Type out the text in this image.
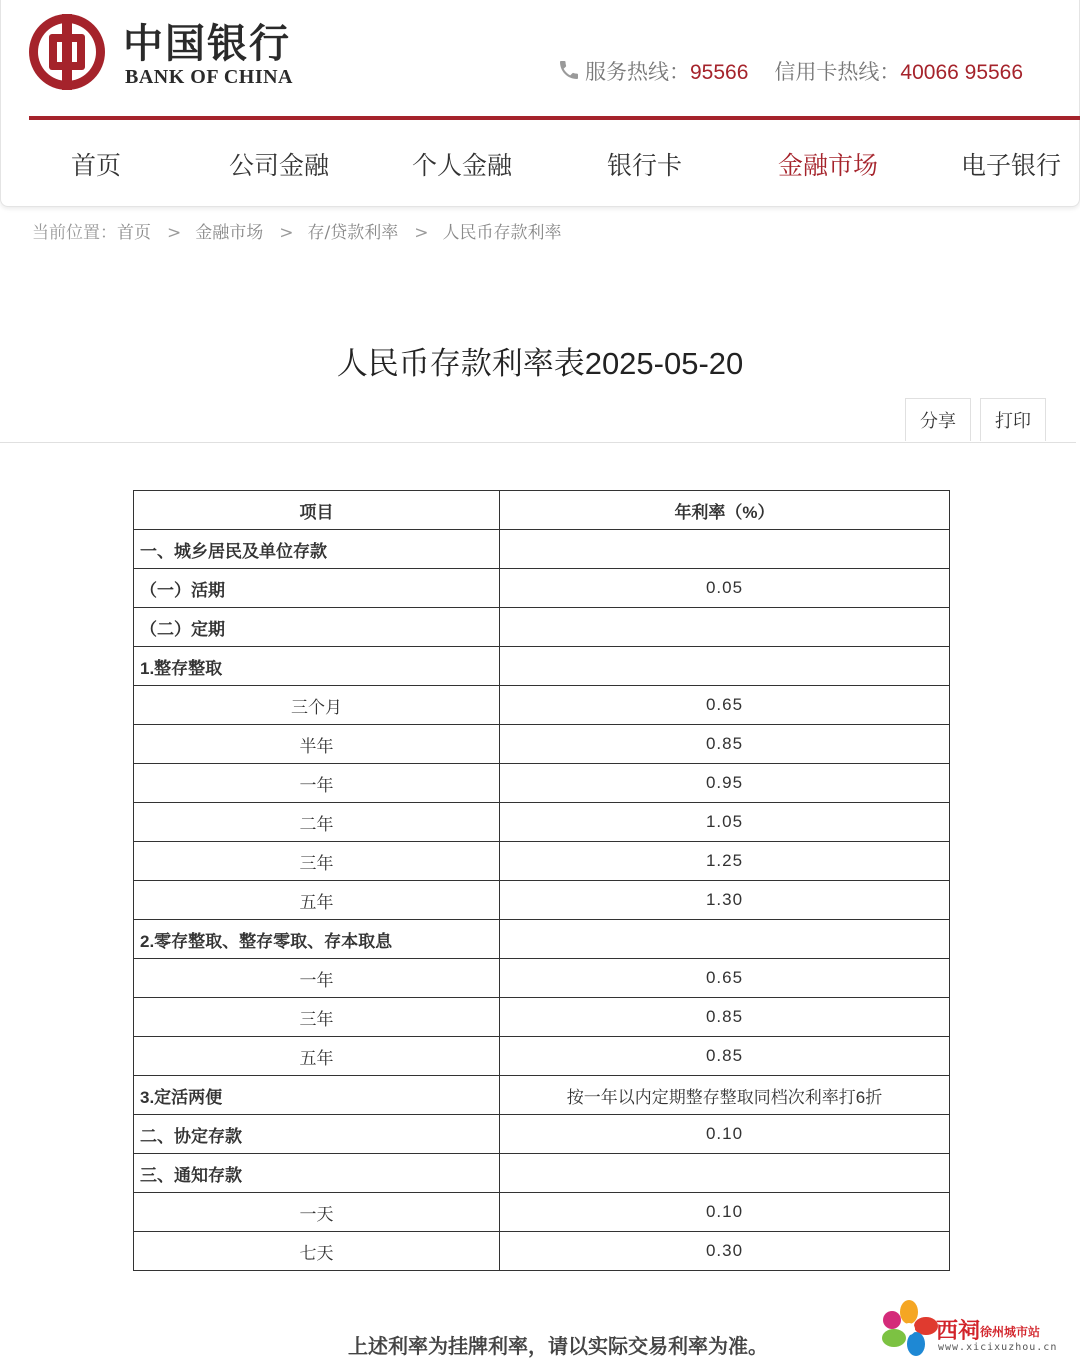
中国银行
BANK OF CHINA	服务热线：95566 信用卡热线：40066 95566
首页	公司金融	个人金融	银行卡	金融市场	电子银行
当前位置：首页 > 金融市场 > 存/贷款利率 > 人民币存款利率
人民币存款利率表2025-05-20
分享	打印
项目	年利率（%）
一、城乡居民及单位存款	
（一）活期	0.05
（二）定期	
1.整存整取	
三个月	0.65
半年	0.85
一年	0.95
二年	1.05
三年	1.25
五年	1.30
2.零存整取、整存零取、存本取息	
一年	0.65
三年	0.85
五年	0.85
3.定活两便	按一年以内定期整存整取同档次利率打6折
二、协定存款	0.10
三、通知存款	
一天	0.10
七天	0.30
上述利率为挂牌利率，请以实际交易利率为准。
西祠徐州城市站
www.xicixuzhou.cn
